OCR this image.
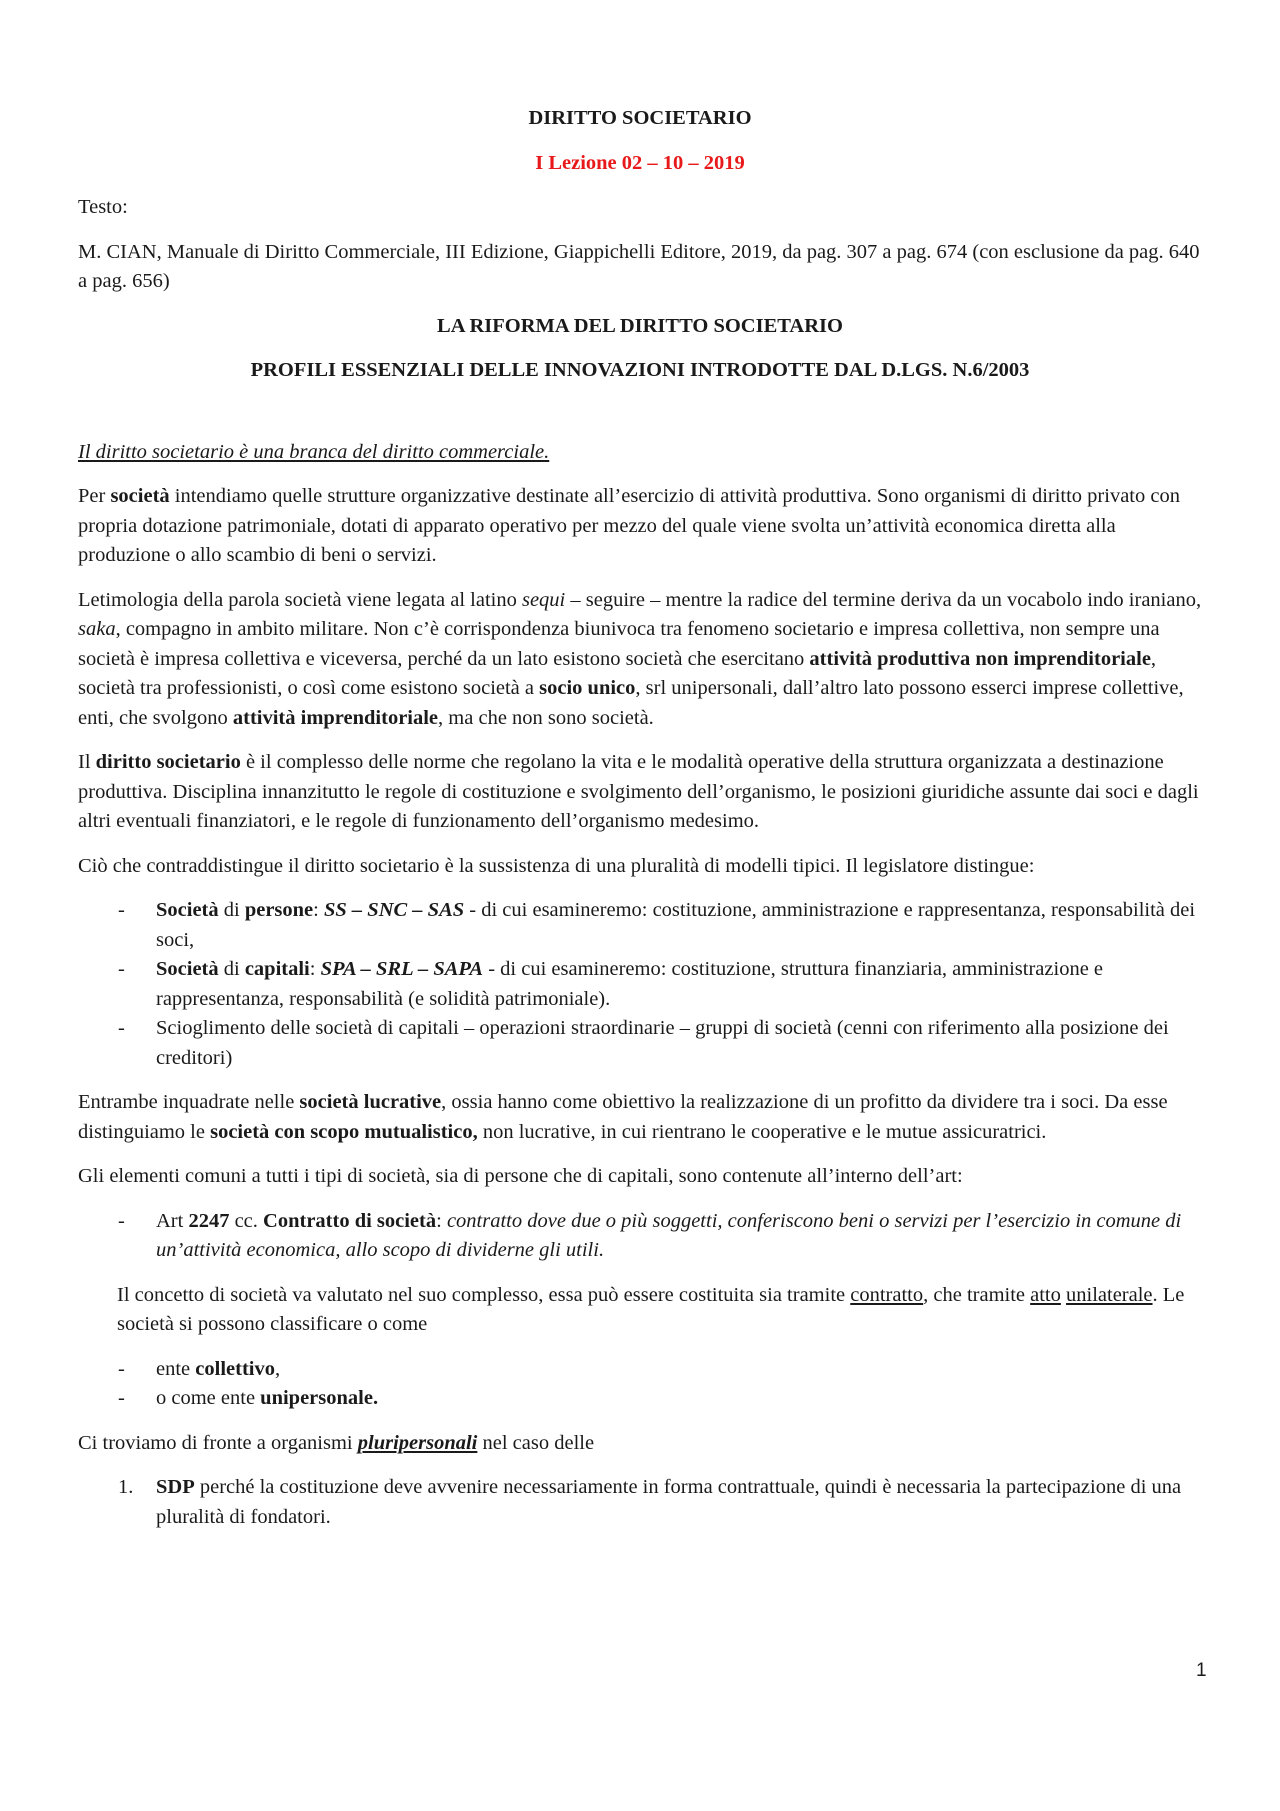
DIRITTO SOCIETARIO

I Lezione 02 – 10 – 2019

Testo:

M. CIAN, Manuale di Diritto Commerciale, III Edizione, Giappichelli Editore, 2019, da pag. 307 a pag. 674 (con esclusione da pag. 640 a pag. 656)

LA RIFORMA DEL DIRITTO SOCIETARIO

PROFILI ESSENZIALI DELLE INNOVAZIONI INTRODOTTE DAL D.LGS. N.6/2003

Il diritto societario è una branca del diritto commerciale.

Per società intendiamo quelle strutture organizzative destinate all’esercizio di attività produttiva. Sono organismi di diritto privato con propria dotazione patrimoniale, dotati di apparato operativo per mezzo del quale viene svolta un’attività economica diretta alla produzione o allo scambio di beni o servizi.

Letimologia della parola società viene legata al latino sequi – seguire – mentre la radice del termine deriva da un vocabolo indo iraniano, saka, compagno in ambito militare. Non c’è corrispondenza biunivoca tra fenomeno societario e impresa collettiva, non sempre una società è impresa collettiva e viceversa, perché da un lato esistono società che esercitano attività produttiva non imprenditoriale, società tra professionisti, o così come esistono società a socio unico, srl unipersonali, dall’altro lato possono esserci imprese collettive, enti, che svolgono attività imprenditoriale, ma che non sono società.

Il diritto societario è il complesso delle norme che regolano la vita e le modalità operative della struttura organizzata a destinazione produttiva. Disciplina innanzitutto le regole di costituzione e svolgimento dell’organismo, le posizioni giuridiche assunte dai soci e dagli altri eventuali finanziatori, e le regole di funzionamento dell’organismo medesimo.

Ciò che contraddistingue il diritto societario è la sussistenza di una pluralità di modelli tipici. Il legislatore distingue:

- Società di persone: SS – SNC – SAS - di cui esamineremo: costituzione, amministrazione e rappresentanza, responsabilità dei soci,
- Società di capitali: SPA – SRL – SAPA - di cui esamineremo: costituzione, struttura finanziaria, amministrazione e rappresentanza, responsabilità (e solidità patrimoniale).
- Scioglimento delle società di capitali – operazioni straordinarie – gruppi di società (cenni con riferimento alla posizione dei creditori)

Entrambe inquadrate nelle società lucrative, ossia hanno come obiettivo la realizzazione di un profitto da dividere tra i soci. Da esse distinguiamo le società con scopo mutualistico, non lucrative, in cui rientrano le cooperative e le mutue assicuratrici.

Gli elementi comuni a tutti i tipi di società, sia di persone che di capitali, sono contenute all’interno dell’art:

- Art 2247 cc. Contratto di società: contratto dove due o più soggetti, conferiscono beni o servizi per l’esercizio in comune di un’attività economica, allo scopo di dividerne gli utili.

Il concetto di società va valutato nel suo complesso, essa può essere costituita sia tramite contratto, che tramite atto unilaterale. Le società si possono classificare o come

- ente collettivo,
- o come ente unipersonale.

Ci troviamo di fronte a organismi pluripersonali nel caso delle

1. SDP perché la costituzione deve avvenire necessariamente in forma contrattuale, quindi è necessaria la partecipazione di una pluralità di fondatori.
1
